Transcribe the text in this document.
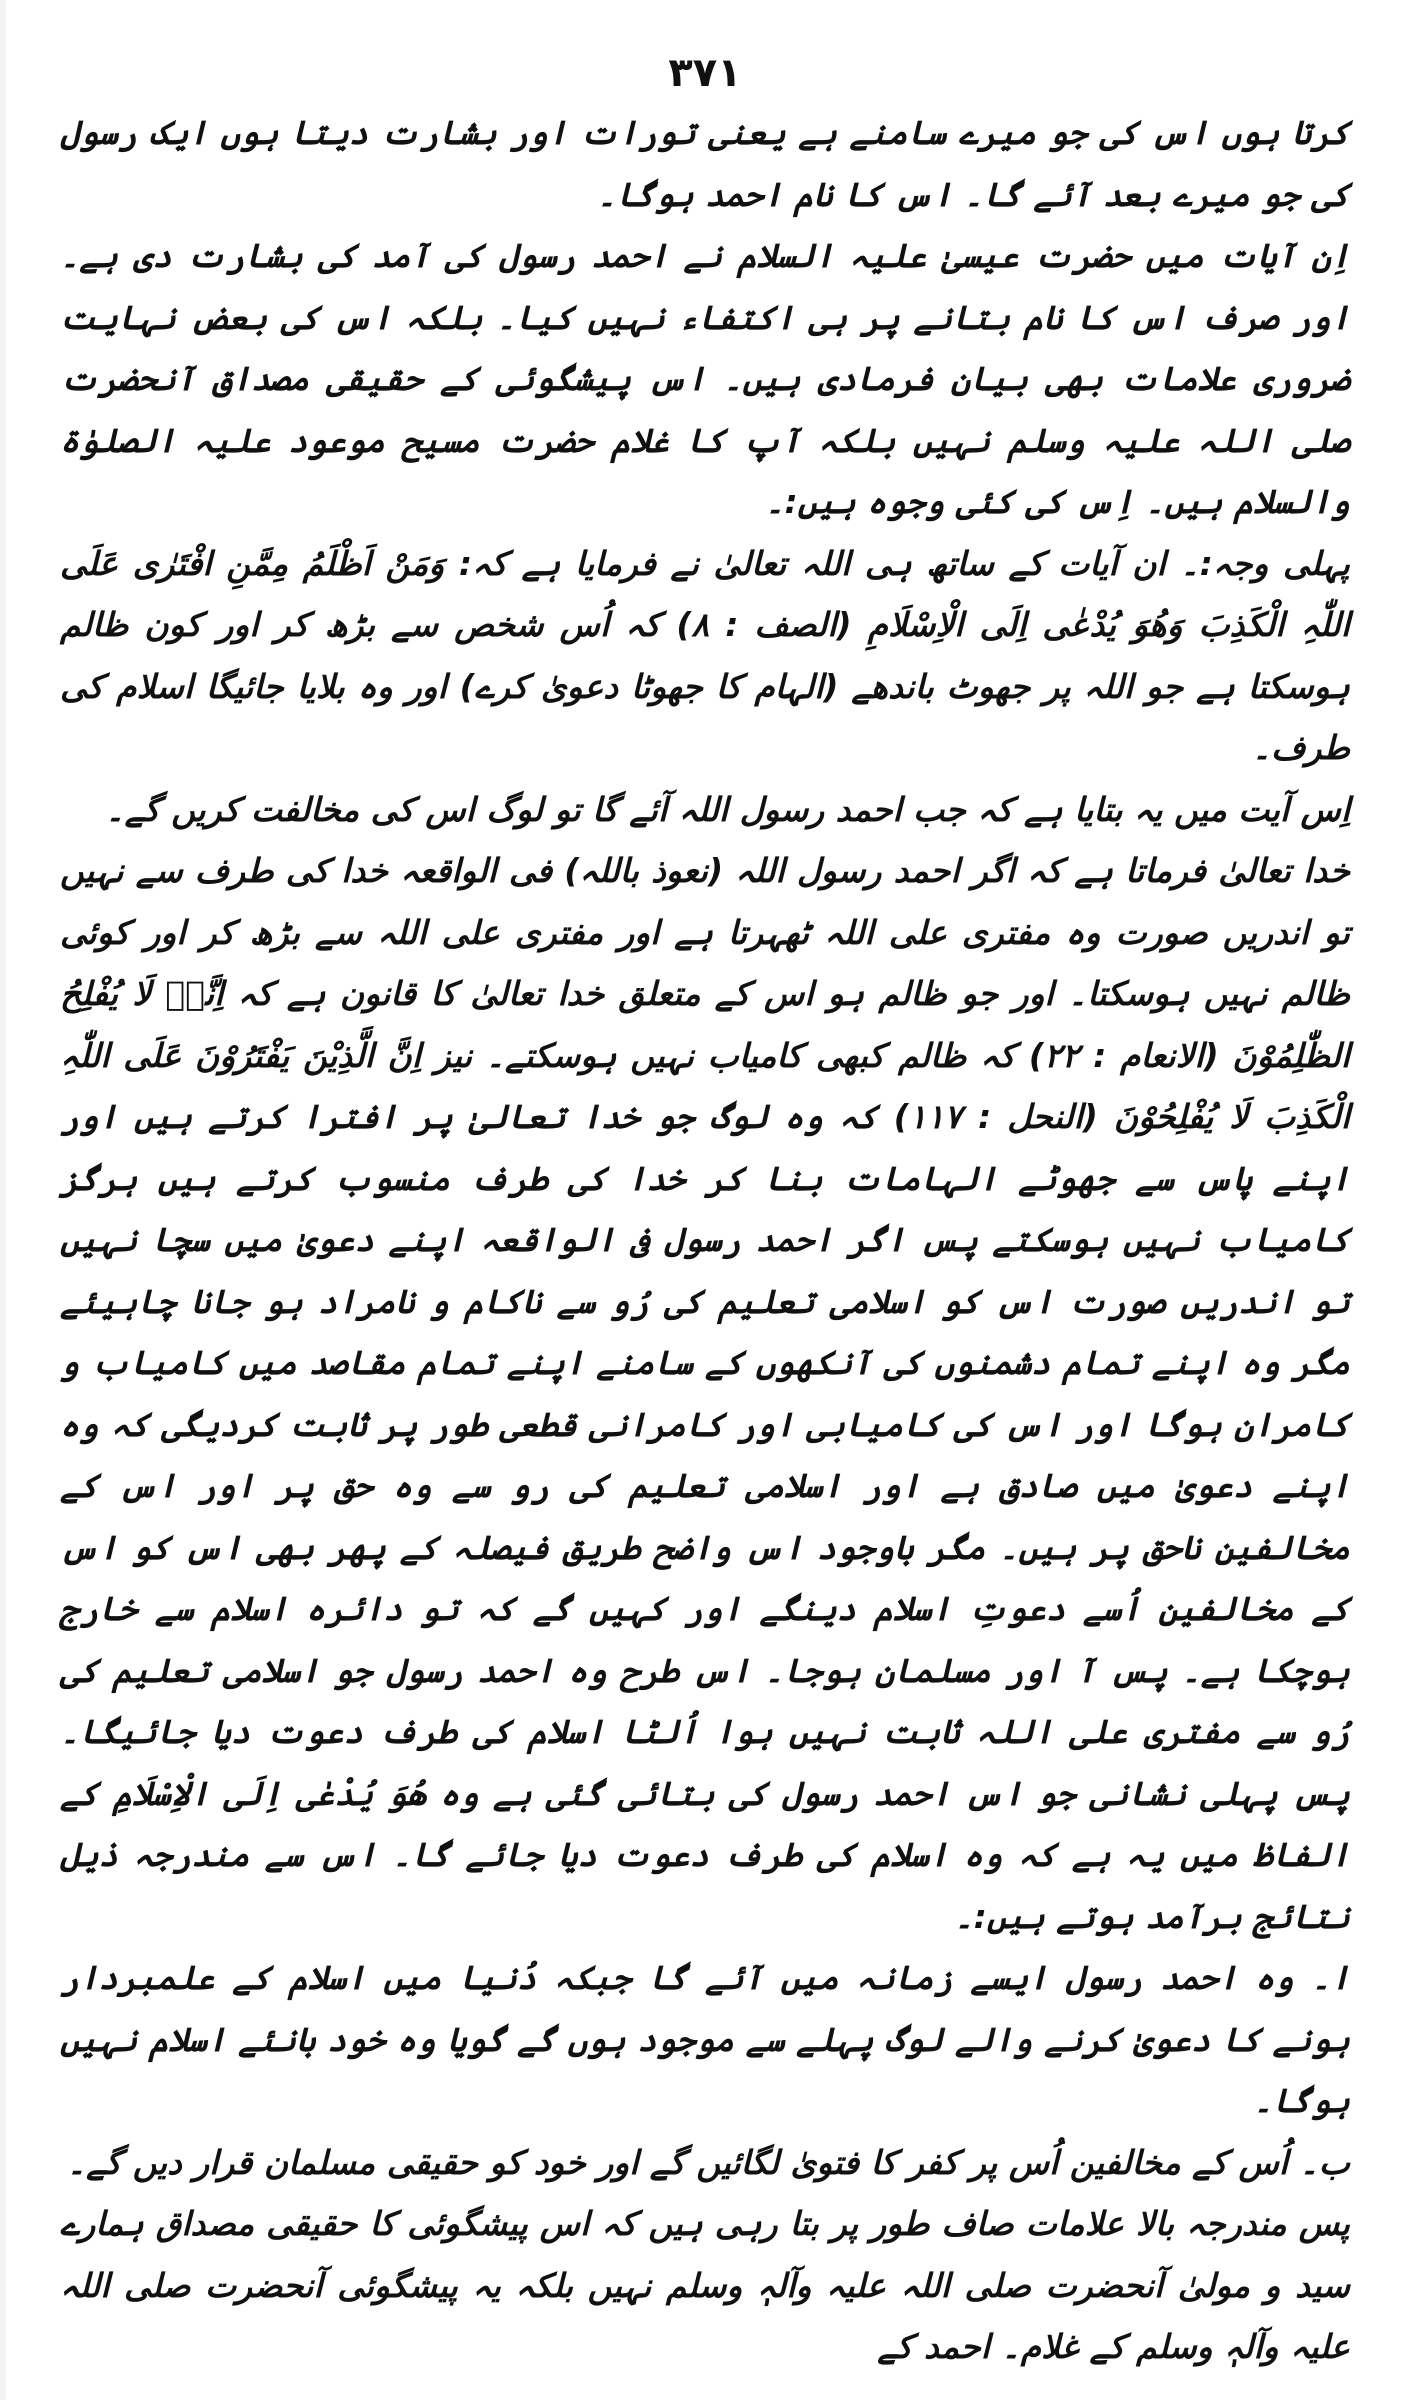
۳۷۱

کرتا ہوں اس کی جو میرے سامنے ہے یعنی تورات اور بشارت دیتا ہوں ایک رسول کی جو میرے بعد آئے گا۔ اس کا نام احمد ہوگا۔

اِن آیات میں حضرت عیسیٰ علیہ السلام نے احمد رسول کی آمد کی بشارت دی ہے۔ اور صرف اس کا نام بتانے پر ہی اکتفاء نہیں کیا۔ بلکہ اس کی بعض نہایت ضروری علامات بھی بیان فرمادی ہیں۔ اس پیشگوئی کے حقیقی مصداق آنحضرت صلی اللہ علیہ وسلم نہیں بلکہ آپ کا غلام حضرت مسیح موعود علیہ الصلوٰۃ والسلام ہیں۔ اِس کی کئی وجوہ ہیں:۔

پہلی وجہ:۔ ان آیات کے ساتھ ہی اللہ تعالیٰ نے فرمایا ہے کہ: وَمَنْ اَظْلَمُ مِمَّنِ افْتَرٰی عَلَی اللّٰہِ الْکَذِبَ وَھُوَ یُدْعٰی اِلَی الْاِسْلَامِ (الصف : ۸) کہ اُس شخص سے بڑھ کر اور کون ظالم ہوسکتا ہے جو اللہ پر جھوٹ باندھے (الہام کا جھوٹا دعویٰ کرے) اور وہ بلایا جائیگا اسلام کی طرف۔

اِس آیت میں یہ بتایا ہے کہ جب احمد رسول اللہ آئے گا تو لوگ اس کی مخالفت کریں گے۔

خدا تعالیٰ فرماتا ہے کہ اگر احمد رسول اللہ (نعوذ باللہ) فی الواقعہ خدا کی طرف سے نہیں تو اندریں صورت وہ مفتری علی اللہ ٹھہرتا ہے اور مفتری علی اللہ سے بڑھ کر اور کوئی ظالم نہیں ہوسکتا۔ اور جو ظالم ہو اس کے متعلق خدا تعالیٰ کا قانون ہے کہ اِنَّہٗ لَا یُفْلِحُ الظّٰلِمُوْنَ (الانعام : ۲۲) کہ ظالم کبھی کامیاب نہیں ہوسکتے۔ نیز اِنَّ الَّذِیْنَ یَفْتَرُوْنَ عَلَی اللّٰہِ الْکَذِبَ لَا یُفْلِحُوْنَ (النحل : ۱۱۷) کہ وہ لوگ جو خدا تعالیٰ پر افترا کرتے ہیں اور اپنے پاس سے جھوٹے الہامات بنا کر خدا کی طرف منسوب کرتے ہیں ہرگز کامیاب نہیں ہوسکتے پس اگر احمد رسول فی الواقعہ اپنے دعویٰ میں سچا نہیں تو اندریں صورت اس کو اسلامی تعلیم کی رُو سے ناکام و نامراد ہو جانا چاہیئے مگر وہ اپنے تمام دشمنوں کی آنکھوں کے سامنے اپنے تمام مقاصد میں کامیاب و کامران ہوگا اور اس کی کامیابی اور کامرانی قطعی طور پر ثابت کردیگی کہ وہ اپنے دعویٰ میں صادق ہے اور اسلامی تعلیم کی رو سے وہ حق پر اور اس کے مخالفین ناحق پر ہیں۔ مگر باوجود اس واضح طریق فیصلہ کے پھر بھی اس کو اس کے مخالفین اُسے دعوتِ اسلام دینگے اور کہیں گے کہ تو دائرہ اسلام سے خارج ہوچکا ہے۔ پس آ اور مسلمان ہوجا۔ اس طرح وہ احمد رسول جو اسلامی تعلیم کی رُو سے مفتری علی اللہ ثابت نہیں ہوا اُلٹا اسلام کی طرف دعوت دیا جائیگا۔ پس پہلی نشانی جو اس احمد رسول کی بتائی گئی ہے وہ ھُوَ یُدْعٰی اِلَی الْاِسْلَامِ کے الفاظ میں یہ ہے کہ وہ اسلام کی طرف دعوت دیا جائے گا۔ اس سے مندرجہ ذیل نتائج برآمد ہوتے ہیں:۔

ا۔ وہ احمد رسول ایسے زمانہ میں آئے گا جبکہ دُنیا میں اسلام کے علمبردار ہونے کا دعویٰ کرنے والے لوگ پہلے سے موجود ہوں گے گویا وہ خود بانئے اسلام نہیں ہوگا۔

ب۔ اُس کے مخالفین اُس پر کفر کا فتویٰ لگائیں گے اور خود کو حقیقی مسلمان قرار دیں گے۔

پس مندرجہ بالا علامات صاف طور پر بتا رہی ہیں کہ اس پیشگوئی کا حقیقی مصداق ہمارے سید و مولیٰ آنحضرت صلی اللہ علیہ وآلہٖ وسلم نہیں بلکہ یہ پیشگوئی آنحضرت صلی اللہ علیہ وآلہٖ وسلم کے غلام۔ احمد کے
